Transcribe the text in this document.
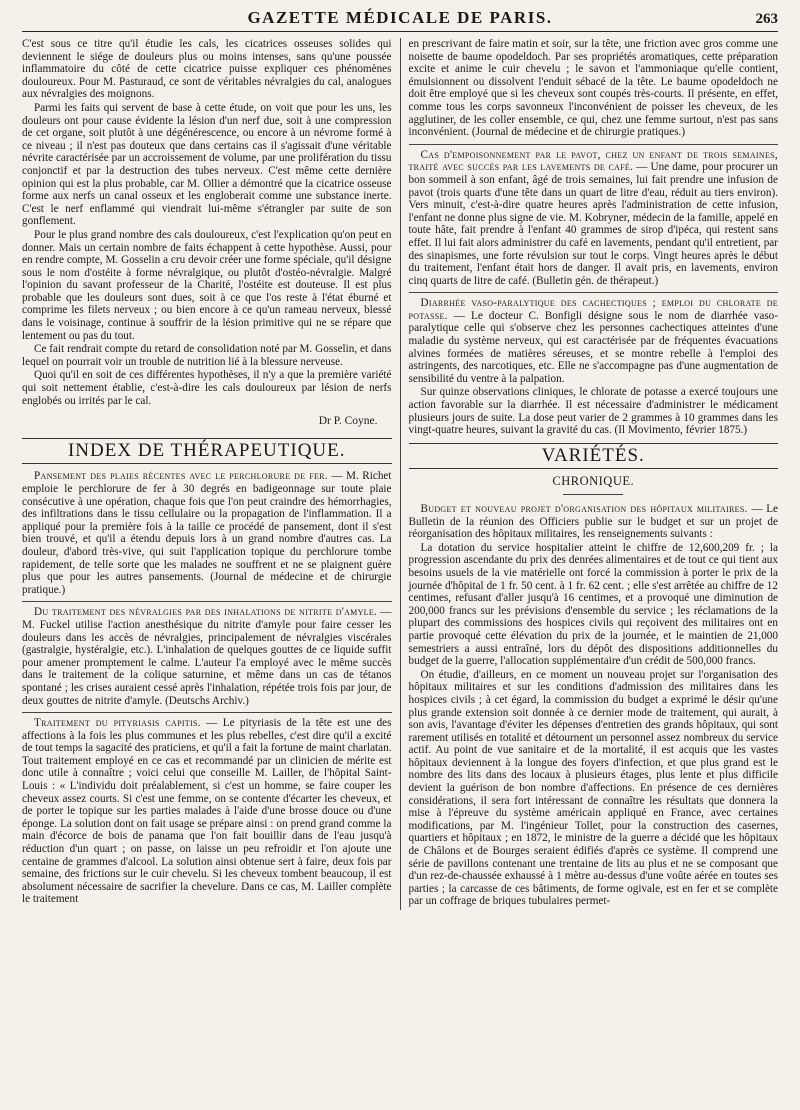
GAZETTE MÉDICALE DE PARIS.	263

C'est sous ce titre qu'il étudie les cals, les cicatrices osseuses solides qui deviennent le siége de douleurs plus ou moins intenses, sans qu'une poussée inflammatoire du côté de cette cicatrice puisse expliquer ces phénomènes douloureux. Pour M. Pasturaud, ce sont de véritables névralgies du cal, analogues aux névralgies des moignons.

Parmi les faits qui servent de base à cette étude, on voit que pour les uns, les douleurs ont pour cause évidente la lésion d'un nerf due, soit à une compression de cet organe, soit plutôt à une dégénérescence, ou encore à un névrome formé à ce niveau ; il n'est pas douteux que dans certains cas il s'agissait d'une véritable névrite caractérisée par un accroissement de volume, par une prolifération du tissu conjonctif et par la destruction des tubes nerveux. C'est même cette dernière opinion qui est la plus probable, car M. Ollier a démontré que la cicatrice osseuse forme aux nerfs un canal osseux et les engloberait comme une substance inerte. C'est le nerf enflammé qui viendrait lui-même s'étrangler par suite de son gonflement.

Pour le plus grand nombre des cals douloureux, c'est l'explication qu'on peut en donner. Mais un certain nombre de faits échappent à cette hypothèse. Aussi, pour en rendre compte, M. Gosselin a cru devoir créer une forme spéciale, qu'il désigne sous le nom d'ostéite à forme névralgique, ou plutôt d'ostéo-névralgie. Malgré l'opinion du savant professeur de la Charité, l'ostéite est douteuse. Il est plus probable que les douleurs sont dues, soit à ce que l'os reste à l'état éburné et comprime les filets nerveux ; ou bien encore à ce qu'un rameau nerveux, blessé dans le voisinage, continue à souffrir de la lésion primitive qui ne se répare que lentement ou pas du tout.

Ce fait rendrait compte du retard de consolidation noté par M. Gosselin, et dans lequel on pourrait voir un trouble de nutrition lié à la blessure nerveuse.

Quoi qu'il en soit de ces différentes hypothèses, il n'y a que la première variété qui soit nettement établie, c'est-à-dire les cals douloureux par lésion de nerfs englobés ou irrités par le cal.

Dr P. Coyne.
INDEX DE THÉRAPEUTIQUE.

Pansement des plaies récentes avec le perchlorure de fer. — M. Richet emploie le perchlorure de fer à 30 degrés en badigeonnage sur toute plaie consécutive à une opération, chaque fois que l'on peut craindre des hémorrhagies, des infiltrations dans le tissu cellulaire ou la propagation de l'inflammation. Il a appliqué pour la première fois à la taille ce procédé de pansement, dont il s'est bien trouvé, et qu'il a étendu depuis lors à un grand nombre d'autres cas. La douleur, d'abord très-vive, qui suit l'application topique du perchlorure tombe rapidement, de telle sorte que les malades ne souffrent et ne se plaignent guère plus que pour les autres pansements. (Journal de médecine et de chirurgie pratique.)

Du traitement des névralgies par des inhalations de nitrite d'amyle. — M. Fuckel utilise l'action anesthésique du nitrite d'amyle pour faire cesser les douleurs dans les accès de névralgies, principalement de névralgies viscérales (gastralgie, hystéralgie, etc.). L'inhalation de quelques gouttes de ce liquide suffit pour amener promptement le calme. L'auteur l'a employé avec le même succès dans le traitement de la colique saturnine, et même dans un cas de tétanos spontané ; les crises auraient cessé après l'inhalation, répétée trois fois par jour, de deux gouttes de nitrite d'amyle. (Deutschs Archiv.)

Traitement du pityriasis capitis. — Le pityriasis de la tête est une des affections à la fois les plus communes et les plus rebelles, c'est dire qu'il a excité de tout temps la sagacité des praticiens, et qu'il a fait la fortune de maint charlatan. Tout traitement employé en ce cas et recommandé par un clinicien de mérite est donc utile à connaître ; voici celui que conseille M. Lailler, de l'hôpital Saint-Louis : « L'individu doit préalablement, si c'est un homme, se faire couper les cheveux assez courts. Si c'est une femme, on se contente d'écarter les cheveux, et de porter le topique sur les parties malades à l'aide d'une brosse douce ou d'une éponge. La solution dont on fait usage se prépare ainsi : on prend grand comme la main d'écorce de bois de panama que l'on fait bouillir dans de l'eau jusqu'à réduction d'un quart ; on passe, on laisse un peu refroidir et l'on ajoute une centaine de grammes d'alcool. La solution ainsi obtenue sert à faire, deux fois par semaine, des frictions sur le cuir chevelu. Si les cheveux tombent beaucoup, il est absolument nécessaire de sacrifier la chevelure. Dans ce cas, M. Lailler complète le traitement

en prescrivant de faire matin et soir, sur la tête, une friction avec gros comme une noisette de baume opodeldoch. Par ses propriétés aromatiques, cette préparation excite et anime le cuir chevelu ; le savon et l'ammoniaque qu'elle contient, émulsionnent ou dissolvent l'enduit sébacé de la tête. Le baume opodeldoch ne doit être employé que si les cheveux sont coupés très-courts. Il présente, en effet, comme tous les corps savonneux l'inconvénient de poisser les cheveux, de les agglutiner, de les coller ensemble, ce qui, chez une femme surtout, n'est pas sans inconvénient. (Journal de médecine et de chirurgie pratiques.)

Cas d'empoisonnement par le pavot, chez un enfant de trois semaines, traité avec succès par les lavements de café. — Une dame, pour procurer un bon sommeil à son enfant, âgé de trois semaines, lui fait prendre une infusion de pavot (trois quarts d'une tête dans un quart de litre d'eau, réduit au tiers environ). Vers minuit, c'est-à-dire quatre heures après l'administration de cette infusion, l'enfant ne donne plus signe de vie. M. Kobryner, médecin de la famille, appelé en toute hâte, fait prendre à l'enfant 40 grammes de sirop d'ipéca, qui restent sans effet. Il lui fait alors administrer du café en lavements, pendant qu'il entretient, par des sinapismes, une forte révulsion sur tout le corps. Vingt heures après le début du traitement, l'enfant était hors de danger. Il avait pris, en lavements, environ cinq quarts de litre de café. (Bulletin gén. de thérapeut.)

Diarrhée vaso-paralytique des cachectiques ; emploi du chlorate de potasse. — Le docteur C. Bonfigli désigne sous le nom de diarrhée vaso-paralytique celle qui s'observe chez les personnes cachectiques atteintes d'une maladie du système nerveux, qui est caractérisée par de fréquentes évacuations alvines formées de matières séreuses, et se montre rebelle à l'emploi des astringents, des narcotiques, etc. Elle ne s'accompagne pas d'une augmentation de sensibilité du ventre à la palpation.

Sur quinze observations cliniques, le chlorate de potasse a exercé toujours une action favorable sur la diarrhée. Il est nécessaire d'administrer le médicament plusieurs jours de suite. La dose peut varier de 2 grammes à 10 grammes dans les vingt-quatre heures, suivant la gravité du cas. (Il Movimento, février 1875.)

VARIÉTÉS.
CHRONIQUE.

Budget et nouveau projet d'organisation des hôpitaux militaires. — Le Bulletin de la réunion des Officiers publie sur le budget et sur un projet de réorganisation des hôpitaux militaires, les renseignements suivants :

La dotation du service hospitalier atteint le chiffre de 12,600,209 fr. ; la progression ascendante du prix des denrées alimentaires et de tout ce qui tient aux besoins usuels de la vie matérielle ont forcé la commission à porter le prix de la journée d'hôpital de 1 fr. 50 cent. à 1 fr. 62 cent. ; elle s'est arrêtée au chiffre de 12 centimes, refusant d'aller jusqu'à 16 centimes, et a provoqué une diminution de 200,000 francs sur les prévisions d'ensemble du service ; les réclamations de la plupart des commissions des hospices civils qui reçoivent des militaires ont en partie provoqué cette élévation du prix de la journée, et le maintien de 21,000 semestriers a aussi entraîné, lors du dépôt des dispositions additionnelles du budget de la guerre, l'allocation supplémentaire d'un crédit de 500,000 francs.

On étudie, d'ailleurs, en ce moment un nouveau projet sur l'organisation des hôpitaux militaires et sur les conditions d'admission des militaires dans les hospices civils ; à cet égard, la commission du budget a exprimé le désir qu'une plus grande extension soit donnée à ce dernier mode de traitement, qui aurait, à son avis, l'avantage d'éviter les dépenses d'entretien des grands hôpitaux, qui sont rarement utilisés en totalité et détournent un personnel assez nombreux du service actif. Au point de vue sanitaire et de la mortalité, il est acquis que les vastes hôpitaux deviennent à la longue des foyers d'infection, et que plus grand est le nombre des lits dans des locaux à plusieurs étages, plus lente et plus difficile devient la guérison de bon nombre d'affections. En présence de ces dernières considérations, il sera fort intéressant de connaître les résultats que donnera la mise à l'épreuve du système américain appliqué en France, avec certaines modifications, par M. l'ingénieur Tollet, pour la construction des casernes, quartiers et hôpitaux ; en 1872, le ministre de la guerre a décidé que les hôpitaux de Châlons et de Bourges seraient édifiés d'après ce système. Il comprend une série de pavillons contenant une trentaine de lits au plus et ne se composant que d'un rez-de-chaussée exhaussé à 1 mètre au-dessus d'une voûte aérée en toutes ses parties ; la carcasse de ces bâtiments, de forme ogivale, est en fer et se complète par un coffrage de briques tubulaires permet-
